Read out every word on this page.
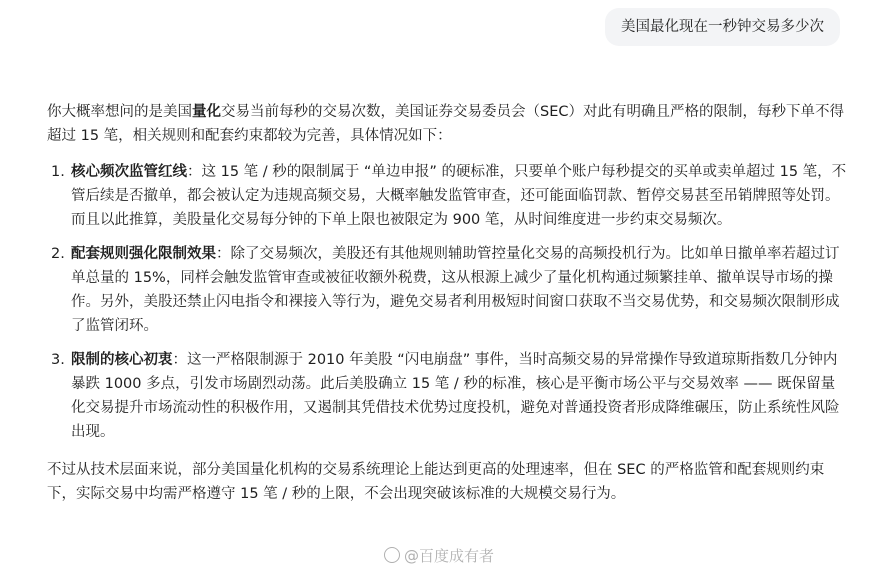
美国最化现在一秒钟交易多少次

你大概率想问的是美国量化交易当前每秒的交易次数，美国证券交易委员会（SEC）对此有明确且严格的限制，每秒下单不得超过 15 笔，相关规则和配套约束都较为完善，具体情况如下：

1 . 核心频次监管红线：这 15 笔 / 秒的限制属于 “单边申报” 的硬标准，只要单个账户每秒提交的买单或卖单超过 15 笔，不管后续是否撤单，都会被认定为违规高频交易，大概率触发监管审查，还可能面临罚款、暂停交易甚至吊销牌照等处罚。而且以此推算，美股量化交易每分钟的下单上限也被限定为 900 笔，从时间维度进一步约束交易频次。
2 . 配套规则强化限制效果：除了交易频次，美股还有其他规则辅助管控量化交易的高频投机行为。比如单日撤单率若超过订单总量的 15%，同样会触发监管审查或被征收额外税费，这从根源上减少了量化机构通过频繁挂单、撤单误导市场的操作。另外，美股还禁止闪电指令和裸接入等行为，避免交易者利用极短时间窗口获取不当交易优势，和交易频次限制形成了监管闭环。
3 . 限制的核心初衷：这一严格限制源于 2010 年美股 “闪电崩盘” 事件，当时高频交易的异常操作导致道琼斯指数几分钟内暴跌 1000 多点，引发市场剧烈动荡。此后美股确立 15 笔 / 秒的标准，核心是平衡市场公平与交易效率 —— 既保留量化交易提升市场流动性的积极作用，又遏制其凭借技术优势过度投机，避免对普通投资者形成降维碾压，防止系统性风险出现。

不过从技术层面来说，部分美国量化机构的交易系统理论上能达到更高的处理速率，但在 SEC 的严格监管和配套规则约束下，实际交易中均需严格遵守 15 笔 / 秒的上限，不会出现突破该标准的大规模交易行为。

@百度成有者
